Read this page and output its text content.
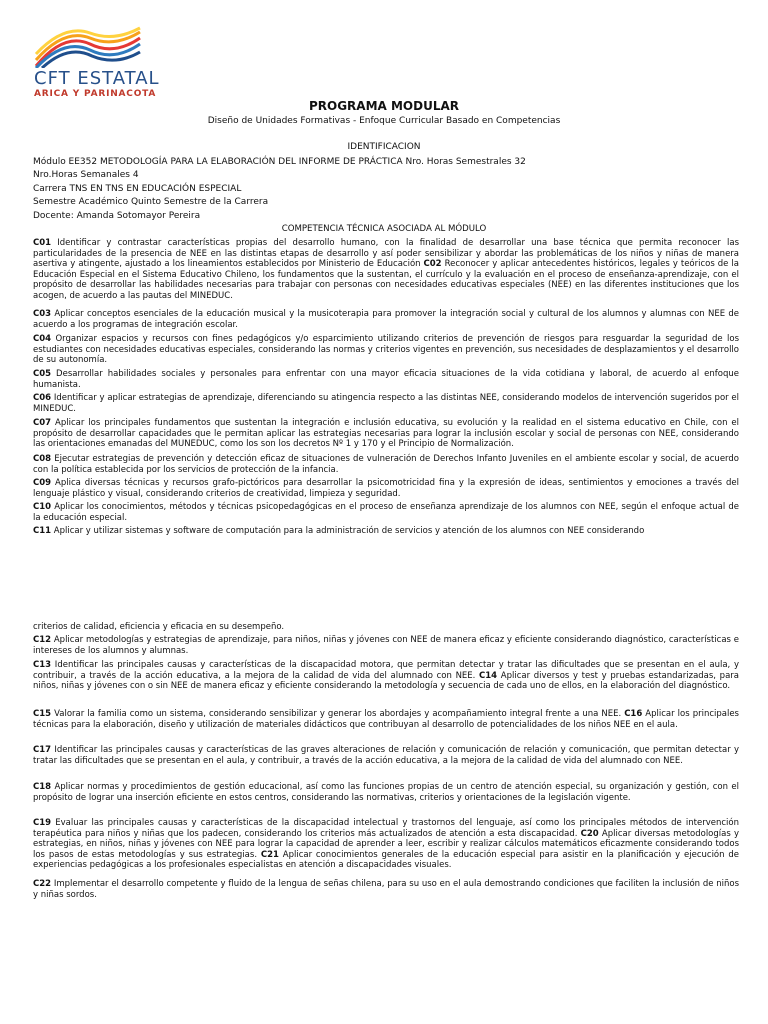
CFT ESTATAL
ARICA Y PARINACOTA
PROGRAMA MODULAR
Diseño de Unidades Formativas - Enfoque Curricular Basado en Competencias
IDENTIFICACION
Módulo EE352 METODOLOGÍA PARA LA ELABORACIÓN DEL INFORME DE PRÁCTICA Nro. Horas Semestrales 32
Nro.Horas Semanales 4
Carrera TNS EN TNS EN EDUCACIÓN ESPECIAL
Semestre Académico Quinto Semestre de la Carrera
Docente: Amanda Sotomayor Pereira
COMPETENCIA TÉCNICA ASOCIADA AL MÓDULO
C01 Identificar y contrastar características propias del desarrollo humano, con la finalidad de desarrollar una base técnica que permita reconocer las particularidades de la presencia de NEE en las distintas etapas de desarrollo y así poder sensibilizar y abordar las problemáticas de los niños y niñas de manera asertiva y atingente, ajustado a los lineamientos establecidos por Ministerio de Educación C02 Reconocer y aplicar antecedentes históricos, legales y teóricos de la Educación Especial en el Sistema Educativo Chileno, los fundamentos que la sustentan, el currículo y la evaluación en el proceso de enseñanza-aprendizaje, con el propósito de desarrollar las habilidades necesarias para trabajar con personas con necesidades educativas especiales (NEE) en las diferentes instituciones que los acogen, de acuerdo a las pautas del MINEDUC.
C03 Aplicar conceptos esenciales de la educación musical y la musicoterapia para promover la integración social y cultural de los alumnos y alumnas con NEE de acuerdo a los programas de integración escolar.
C04 Organizar espacios y recursos con fines pedagógicos y/o esparcimiento utilizando criterios de prevención de riesgos para resguardar la seguridad de los estudiantes con necesidades educativas especiales, considerando las normas y criterios vigentes en prevención, sus necesidades de desplazamientos y el desarrollo de su autonomía.
C05 Desarrollar habilidades sociales y personales para enfrentar con una mayor eficacia situaciones de la vida cotidiana y laboral, de acuerdo al enfoque humanista.
C06 Identificar y aplicar estrategias de aprendizaje, diferenciando su atingencia respecto a las distintas NEE, considerando modelos de intervención sugeridos por el MINEDUC.
C07 Aplicar los principales fundamentos que sustentan la integración e inclusión educativa, su evolución y la realidad en el sistema educativo en Chile, con el propósito de desarrollar capacidades que le permitan aplicar las estrategias necesarias para lograr la inclusión escolar y social de personas con NEE, considerando las orientaciones emanadas del MUNEDUC, como los son los decretos Nº 1 y 170 y el Principio de Normalización.
C08 Ejecutar estrategias de prevención y detección eficaz de situaciones de vulneración de Derechos Infanto Juveniles en el ambiente escolar y social, de acuerdo con la política establecida por los servicios de protección de la infancia.
C09 Aplica diversas técnicas y recursos grafo-pictóricos para desarrollar la psicomotricidad fina y la expresión de ideas, sentimientos y emociones a través del lenguaje plástico y visual, considerando criterios de creatividad, limpieza y seguridad.
C10 Aplicar los conocimientos, métodos y técnicas psicopedagógicas en el proceso de enseñanza aprendizaje de los alumnos con NEE, según el enfoque actual de la educación especial.
C11 Aplicar y utilizar sistemas y software de computación para la administración de servicios y atención de los alumnos con NEE considerando
criterios de calidad, eficiencia y eficacia en su desempeño.
C12 Aplicar metodologías y estrategias de aprendizaje, para niños, niñas y jóvenes con NEE de manera eficaz y eficiente considerando diagnóstico, características e intereses de los alumnos y alumnas.
C13 Identificar las principales causas y características de la discapacidad motora, que permitan detectar y tratar las dificultades que se presentan en el aula, y contribuir, a través de la acción educativa, a la mejora de la calidad de vida del alumnado con NEE. C14 Aplicar diversos y test y pruebas estandarizadas, para niños, niñas y jóvenes con o sin NEE de manera eficaz y eficiente considerando la metodología y secuencia de cada uno de ellos, en la elaboración del diagnóstico.
C15 Valorar la familia como un sistema, considerando sensibilizar y generar los abordajes y acompañamiento integral frente a una NEE. C16 Aplicar los principales técnicas para la elaboración, diseño y utilización de materiales didácticos que contribuyan al desarrollo de potencialidades de los niños NEE en el aula.
C17 Identificar las principales causas y características de las graves alteraciones de relación y comunicación de relación y comunicación, que permitan detectar y tratar las dificultades que se presentan en el aula, y contribuir, a través de la acción educativa, a la mejora de la calidad de vida del alumnado con NEE.
C18 Aplicar normas y procedimientos de gestión educacional, así como las funciones propias de un centro de atención especial, su organización y gestión, con el propósito de lograr una inserción eficiente en estos centros, considerando las normativas, criterios y orientaciones de la legislación vigente.
C19 Evaluar las principales causas y características de la discapacidad intelectual y trastornos del lenguaje, así como los principales métodos de intervención terapéutica para niños y niñas que los padecen, considerando los criterios más actualizados de atención a esta discapacidad. C20 Aplicar diversas metodologías y estrategias, en niños, niñas y jóvenes con NEE para lograr la capacidad de aprender a leer, escribir y realizar cálculos matemáticos eficazmente considerando todos los pasos de estas metodologías y sus estrategias. C21 Aplicar conocimientos generales de la educación especial para asistir en la planificación y ejecución de experiencias pedagógicas a los profesionales especialistas en atención a discapacidades visuales.
C22 Implementar el desarrollo competente y fluido de la lengua de señas chilena, para su uso en el aula demostrando condiciones que faciliten la inclusión de niños y niñas sordos.
